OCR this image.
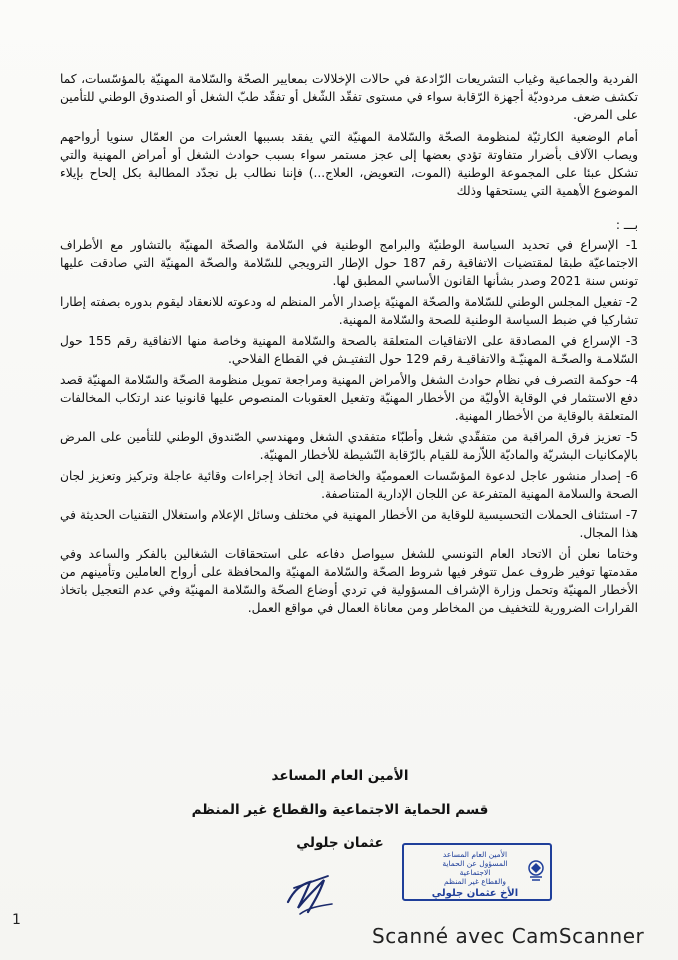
الفردية والجماعية وغياب التشريعات الرّادعة في حالات الإخلالات بمعايير الصحّة والسّلامة المهنيّة بالمؤسّسات، كما تكشف ضعف مردوديّة أجهزة الرّقابة سواء في مستوى تفقّد الشّغل أو تفقّد طبّ الشغل أو الصندوق الوطني للتأمين على المرض.

أمام الوضعية الكارثيّة لمنظومة الصحّة والسّلامة المهنيّة التي يفقد بسببها العشرات من العمّال سنويا أرواحهم ويصاب الآلاف بأضرار متفاوتة تؤدي بعضها إلى عجز مستمر سواء بسبب حوادث الشغل أو أمراض المهنية والتي تشكل عبئا على المجموعة الوطنية (الموت، التعويض، العلاج...) فإننا نطالب بل نجدّد المطالبة بكل إلحاح بإيلاء الموضوع الأهمية التي يستحقها وذلك

بـــ :

1- الإسراع في تحديد السياسة الوطنيّة والبرامج الوطنية في السّلامة والصحّة المهنيّة بالتشاور مع الأطراف الاجتماعيّة طبقا لمقتضيات الاتفاقية رقم 187 حول الإطار الترويجي للسّلامة والصحّة المهنيّة التي صادقت عليها تونس سنة 2021 وصدر بشأنها القانون الأساسي المطبق لها.

2- تفعيل المجلس الوطني للسّلامة والصحّة المهنيّة بإصدار الأمر المنظم له ودعوته للانعقاد ليقوم بدوره بصفته إطارا تشاركيا في ضبط السياسة الوطنية للصحة والسّلامة المهنية.

3- الإسراع في المصادقة على الاتفاقيات المتعلقة بالصحة والسّلامة المهنية وخاصة منها الاتفاقية رقم 155 حول السّلامـة والصحّـة المهنيّـة والاتفاقيـة رقم 129 حول التفتيـش في القطاع الفلاحي.

4- حوكمة التصرف في نظام حوادث الشغل والأمراض المهنية ومراجعة تمويل منظومة الصحّة والسّلامة المهنيّة قصد دفع الاستثمار في الوقاية الأوليّة من الأخطار المهنيّة وتفعيل العقوبات المنصوص عليها قانونيا عند ارتكاب المخالفات المتعلقة بالوقاية من الأخطار المهنية.

5- تعزيز فرق المراقبة من متفقّدي شغل وأطبّاء متفقدي الشغل ومهندسي الصّندوق الوطني للتأمين على المرض بالإمكانيات البشريّة والماديّة اللاّزمة للقيام بالرّقابة النّشيطة للأخطار المهنيّة.

6- إصدار منشور عاجل لدعوة المؤسّسات العموميّة والخاصة إلى اتخاذ إجراءات وقائية عاجلة وتركيز وتعزيز لجان الصحة والسلامة المهنية المتفرعة عن اللجان الإدارية المتناصفة.

7- استئناف الحملات التحسيسية للوقاية من الأخطار المهنية في مختلف وسائل الإعلام واستغلال التقنيات الحديثة في هذا المجال.

وختاما نعلن أن الاتحاد العام التونسي للشغل سيواصل دفاعه على استحقاقات الشغالين بالفكر والساعد وفي مقدمتها توفير ظروف عمل تتوفر فيها شروط الصحّة والسّلامة المهنيّة والمحافظة على أرواح العاملين وتأمينهم من الأخطار المهنيّة وتحمل وزارة الإشراف المسؤولية في تردي أوضاع الصحّة والسّلامة المهنيّة وفي عدم التعجيل باتخاذ القرارات الضرورية للتخفيف من المخاطر ومن معاناة العمال في مواقع العمل.

الأمين العام المساعد
قسم الحماية الاجتماعية والقطاع غير المنظم
عثمان جلولي
الأمين العام المساعد
المسؤول عن الحماية الاجتماعية
والقطاع غير المنظم
الأخ عثمان جلولي
1
Scanné avec CamScanner
